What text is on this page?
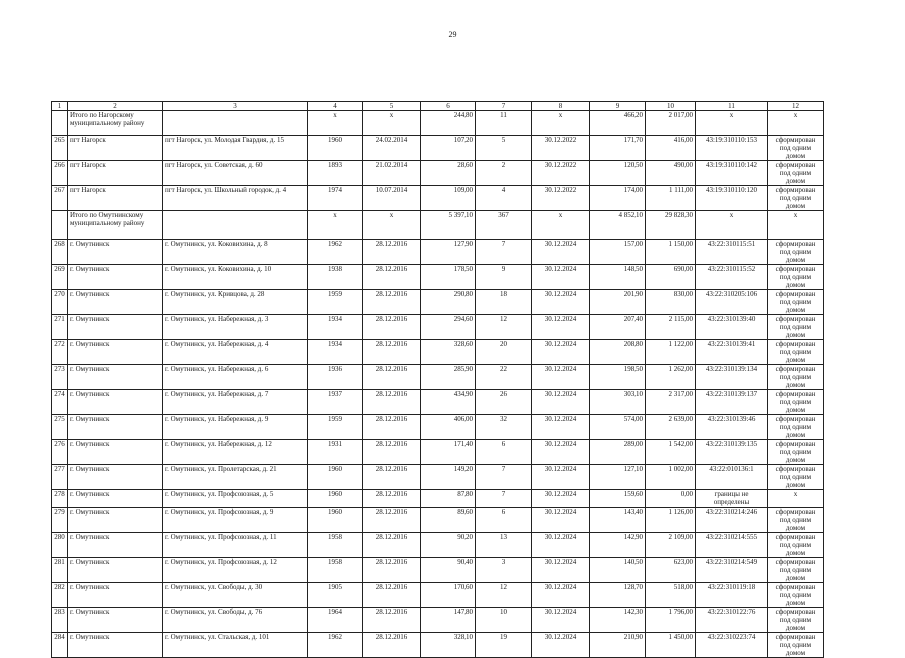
29
1	2	3	4	5	6	7	8	9	10	11	12
	Итого по Нагорскому муниципальному району		х	х	244,80	11	х	466,20	2 017,00	х	х
265	пгт Нагорск	пгт Нагорск, ул. Молодая Гвардия, д. 15	1960	24.02.2014	107,20	5	30.12.2022	171,70	416,00	43:19:310110:153	сформирован под одним домом
266	пгт Нагорск	пгт Нагорск, ул. Советская, д. 60	1893	21.02.2014	28,60	2	30.12.2022	120,50	490,00	43:19:310110:142	сформирован под одним домом
267	пгт Нагорск	пгт Нагорск, ул. Школьный городок, д. 4	1974	10.07.2014	109,00	4	30.12.2022	174,00	1 111,00	43:19:310110:120	сформирован под одним домом
	Итого по Омутнинскому муниципальному району		х	х	5 397,10	367	х	4 852,10	29 828,30	х	х
268	г. Омутнинск	г. Омутнинск, ул. Коковихина, д. 8	1962	28.12.2016	127,90	7	30.12.2024	157,00	1 150,00	43:22:310115:51	сформирован под одним домом
269	г. Омутнинск	г. Омутнинск, ул. Коковихина, д. 10	1938	28.12.2016	178,50	9	30.12.2024	148,50	690,00	43:22:310115:52	сформирован под одним домом
270	г. Омутнинск	г. Омутнинск, ул. Кривцова, д. 28	1959	28.12.2016	290,80	18	30.12.2024	201,90	830,00	43:22:310205:106	сформирован под одним домом
271	г. Омутнинск	г. Омутнинск, ул. Набережная, д. 3	1934	28.12.2016	294,60	12	30.12.2024	207,40	2 115,00	43:22:310139:40	сформирован под одним домом
272	г. Омутнинск	г. Омутнинск, ул. Набережная, д. 4	1934	28.12.2016	328,60	20	30.12.2024	208,80	1 122,00	43:22:310139:41	сформирован под одним домом
273	г. Омутнинск	г. Омутнинск, ул. Набережная, д. 6	1936	28.12.2016	285,90	22	30.12.2024	198,50	1 262,00	43:22:310139:134	сформирован под одним домом
274	г. Омутнинск	г. Омутнинск, ул. Набережная, д. 7	1937	28.12.2016	434,90	26	30.12.2024	303,10	2 317,00	43:22:310139:137	сформирован под одним домом
275	г. Омутнинск	г. Омутнинск, ул. Набережная, д. 9	1959	28.12.2016	406,00	32	30.12.2024	574,00	2 639,00	43:22:310139:46	сформирован под одним домом
276	г. Омутнинск	г. Омутнинск, ул. Набережная, д. 12	1931	28.12.2016	171,40	6	30.12.2024	289,00	1 542,00	43:22:310139:135	сформирован под одним домом
277	г. Омутнинск	г. Омутнинск, ул. Пролетарская, д. 21	1960	28.12.2016	149,20	7	30.12.2024	127,10	1 002,00	43:22:010136:1	сформирован под одним домом
278	г. Омутнинск	г. Омутнинск, ул. Профсоюзная, д. 5	1960	28.12.2016	87,80	7	30.12.2024	159,60	0,00	границы не определены	х
279	г. Омутнинск	г. Омутнинск, ул. Профсоюзная, д. 9	1960	28.12.2016	89,60	6	30.12.2024	143,40	1 126,00	43:22:310214:246	сформирован под одним домом
280	г. Омутнинск	г. Омутнинск, ул. Профсоюзная, д. 11	1958	28.12.2016	90,20	13	30.12.2024	142,90	2 109,00	43:22:310214:555	сформирован под одним домом
281	г. Омутнинск	г. Омутнинск, ул. Профсоюзная, д. 12	1958	28.12.2016	90,40	3	30.12.2024	140,50	623,00	43:22:310214:549	сформирован под одним домом
282	г. Омутнинск	г. Омутнинск, ул. Свободы, д. 30	1905	28.12.2016	170,60	12	30.12.2024	128,70	518,00	43:22:310119:18	сформирован под одним домом
283	г. Омутнинск	г. Омутнинск, ул. Свободы, д. 76	1964	28.12.2016	147,80	10	30.12.2024	142,30	1 796,00	43:22:310122:76	сформирован под одним домом
284	г. Омутнинск	г. Омутнинск, ул. Стальская, д. 101	1962	28.12.2016	328,10	19	30.12.2024	210,90	1 450,00	43:22:310223:74	сформирован под одним домом
